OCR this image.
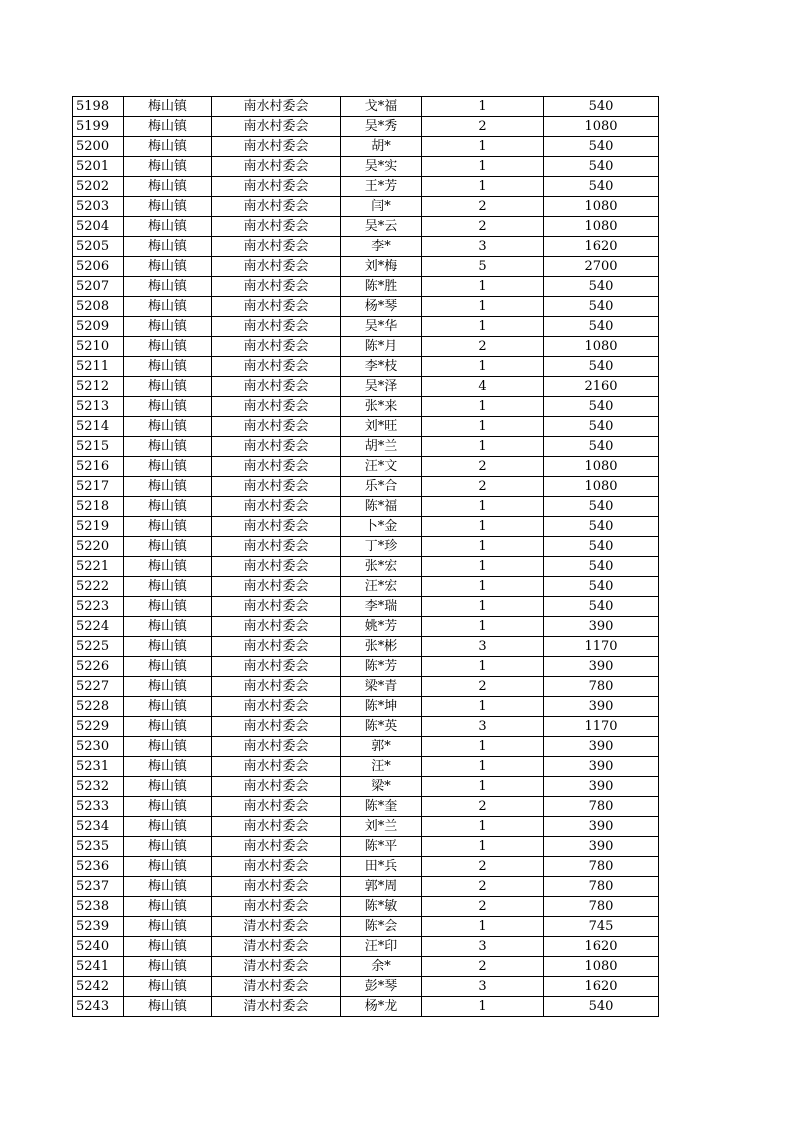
5198	梅山镇	南水村委会	戈*福	1	540
5199	梅山镇	南水村委会	吴*秀	2	1080
5200	梅山镇	南水村委会	胡*	1	540
5201	梅山镇	南水村委会	吴*实	1	540
5202	梅山镇	南水村委会	王*芳	1	540
5203	梅山镇	南水村委会	闫*	2	1080
5204	梅山镇	南水村委会	吴*云	2	1080
5205	梅山镇	南水村委会	李*	3	1620
5206	梅山镇	南水村委会	刘*梅	5	2700
5207	梅山镇	南水村委会	陈*胜	1	540
5208	梅山镇	南水村委会	杨*琴	1	540
5209	梅山镇	南水村委会	吴*华	1	540
5210	梅山镇	南水村委会	陈*月	2	1080
5211	梅山镇	南水村委会	李*枝	1	540
5212	梅山镇	南水村委会	吴*泽	4	2160
5213	梅山镇	南水村委会	张*来	1	540
5214	梅山镇	南水村委会	刘*旺	1	540
5215	梅山镇	南水村委会	胡*兰	1	540
5216	梅山镇	南水村委会	汪*文	2	1080
5217	梅山镇	南水村委会	乐*合	2	1080
5218	梅山镇	南水村委会	陈*福	1	540
5219	梅山镇	南水村委会	卜*金	1	540
5220	梅山镇	南水村委会	丁*珍	1	540
5221	梅山镇	南水村委会	张*宏	1	540
5222	梅山镇	南水村委会	汪*宏	1	540
5223	梅山镇	南水村委会	李*瑞	1	540
5224	梅山镇	南水村委会	姚*芳	1	390
5225	梅山镇	南水村委会	张*彬	3	1170
5226	梅山镇	南水村委会	陈*芳	1	390
5227	梅山镇	南水村委会	梁*青	2	780
5228	梅山镇	南水村委会	陈*坤	1	390
5229	梅山镇	南水村委会	陈*英	3	1170
5230	梅山镇	南水村委会	郭*	1	390
5231	梅山镇	南水村委会	汪*	1	390
5232	梅山镇	南水村委会	梁*	1	390
5233	梅山镇	南水村委会	陈*奎	2	780
5234	梅山镇	南水村委会	刘*兰	1	390
5235	梅山镇	南水村委会	陈*平	1	390
5236	梅山镇	南水村委会	田*兵	2	780
5237	梅山镇	南水村委会	郭*周	2	780
5238	梅山镇	南水村委会	陈*敏	2	780
5239	梅山镇	清水村委会	陈*会	1	745
5240	梅山镇	清水村委会	汪*印	3	1620
5241	梅山镇	清水村委会	余*	2	1080
5242	梅山镇	清水村委会	彭*琴	3	1620
5243	梅山镇	清水村委会	杨*龙	1	540
